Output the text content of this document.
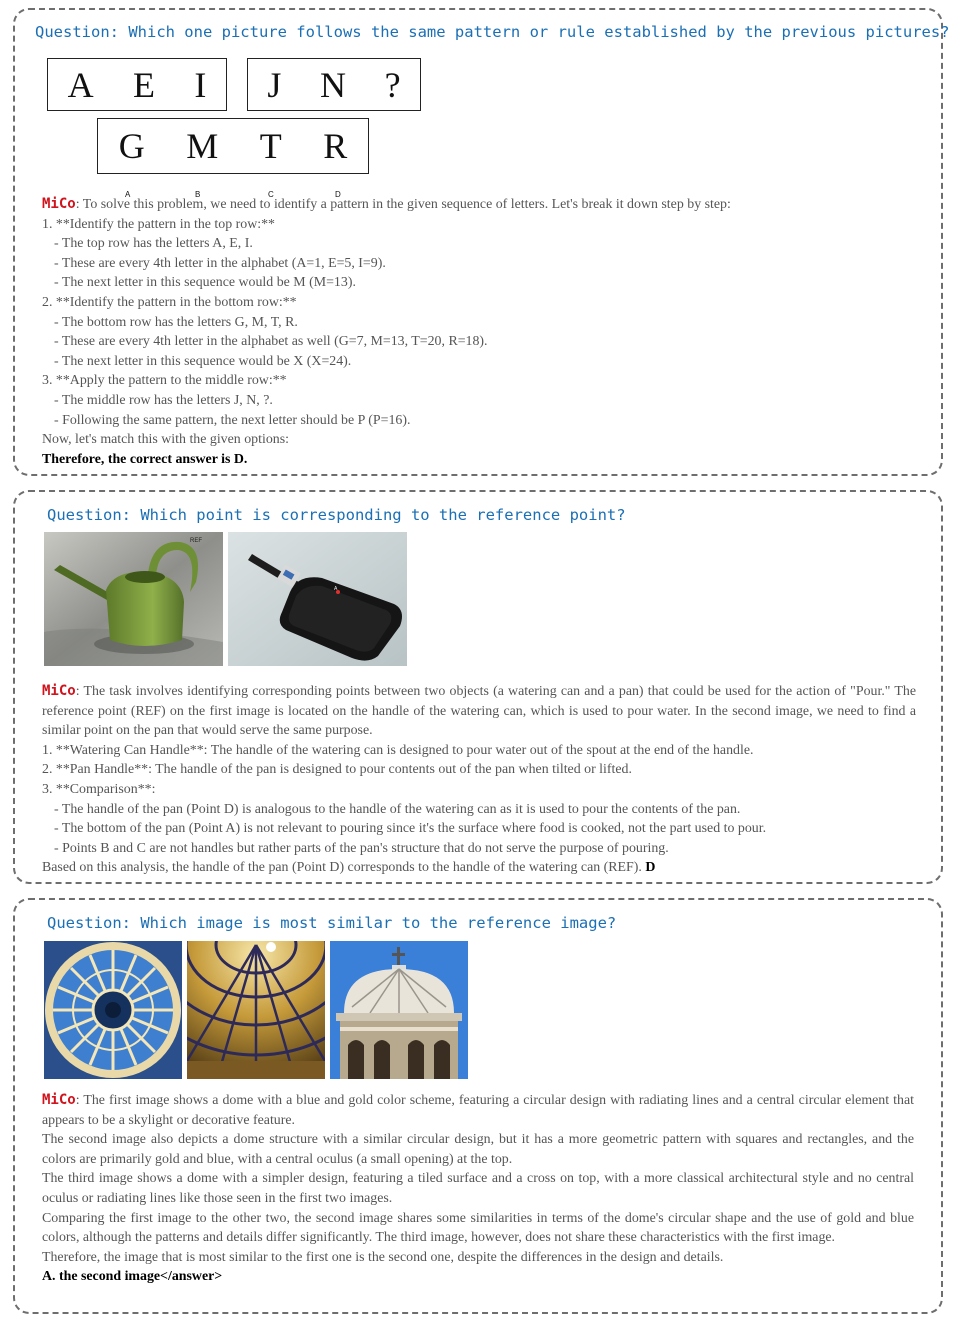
Question: Which one picture follows the same pattern or rule established by the previous pictures?
A E I J N ?
G M T R
A	B	C	D
MiCo: To solve this problem, we need to identify a pattern in the given sequence of letters. Let's break it down step by step:
1. **Identify the pattern in the top row:**
- The top row has the letters A, E, I.
- These are every 4th letter in the alphabet (A=1, E=5, I=9).
- The next letter in this sequence would be M (M=13).
2. **Identify the pattern in the bottom row:**
- The bottom row has the letters G, M, T, R.
- These are every 4th letter in the alphabet as well (G=7, M=13, T=20, R=18).
- The next letter in this sequence would be X (X=24).
3. **Apply the pattern to the middle row:**
- The middle row has the letters J, N, ?.
- Following the same pattern, the next letter should be P (P=16).
Now, let's match this with the given options:
Therefore, the correct answer is D.
Question: Which point is corresponding to the reference point?
REF
A
MiCo: The task involves identifying corresponding points between two objects (a watering can and a pan) that could be used for the action of "Pour." The reference point (REF) on the first image is located on the handle of the watering can, which is used to pour water. In the second image, we need to find a similar point on the pan that would serve the same purpose.
1. **Watering Can Handle**: The handle of the watering can is designed to pour water out of the spout at the end of the handle.
2. **Pan Handle**: The handle of the pan is designed to pour contents out of the pan when tilted or lifted.
3. **Comparison**:
- The handle of the pan (Point D) is analogous to the handle of the watering can as it is used to pour the contents of the pan.
- The bottom of the pan (Point A) is not relevant to pouring since it's the surface where food is cooked, not the part used to pour.
- Points B and C are not handles but rather parts of the pan's structure that do not serve the purpose of pouring.
Based on this analysis, the handle of the pan (Point D) corresponds to the handle of the watering can (REF). D
Question: Which image is most similar to the reference image?
MiCo: The first image shows a dome with a blue and gold color scheme, featuring a circular design with radiating lines and a central circular element that appears to be a skylight or decorative feature.
The second image also depicts a dome structure with a similar circular design, but it has a more geometric pattern with squares and rectangles, and the colors are primarily gold and blue, with a central oculus (a small opening) at the top.
The third image shows a dome with a simpler design, featuring a tiled surface and a cross on top, with a more classical architectural style and no central oculus or radiating lines like those seen in the first two images.
Comparing the first image to the other two, the second image shares some similarities in terms of the dome's circular shape and the use of gold and blue colors, although the patterns and details differ significantly. The third image, however, does not share these characteristics with the first image.
Therefore, the image that is most similar to the first one is the second one, despite the differences in the design and details.
A. the second image</answer>
